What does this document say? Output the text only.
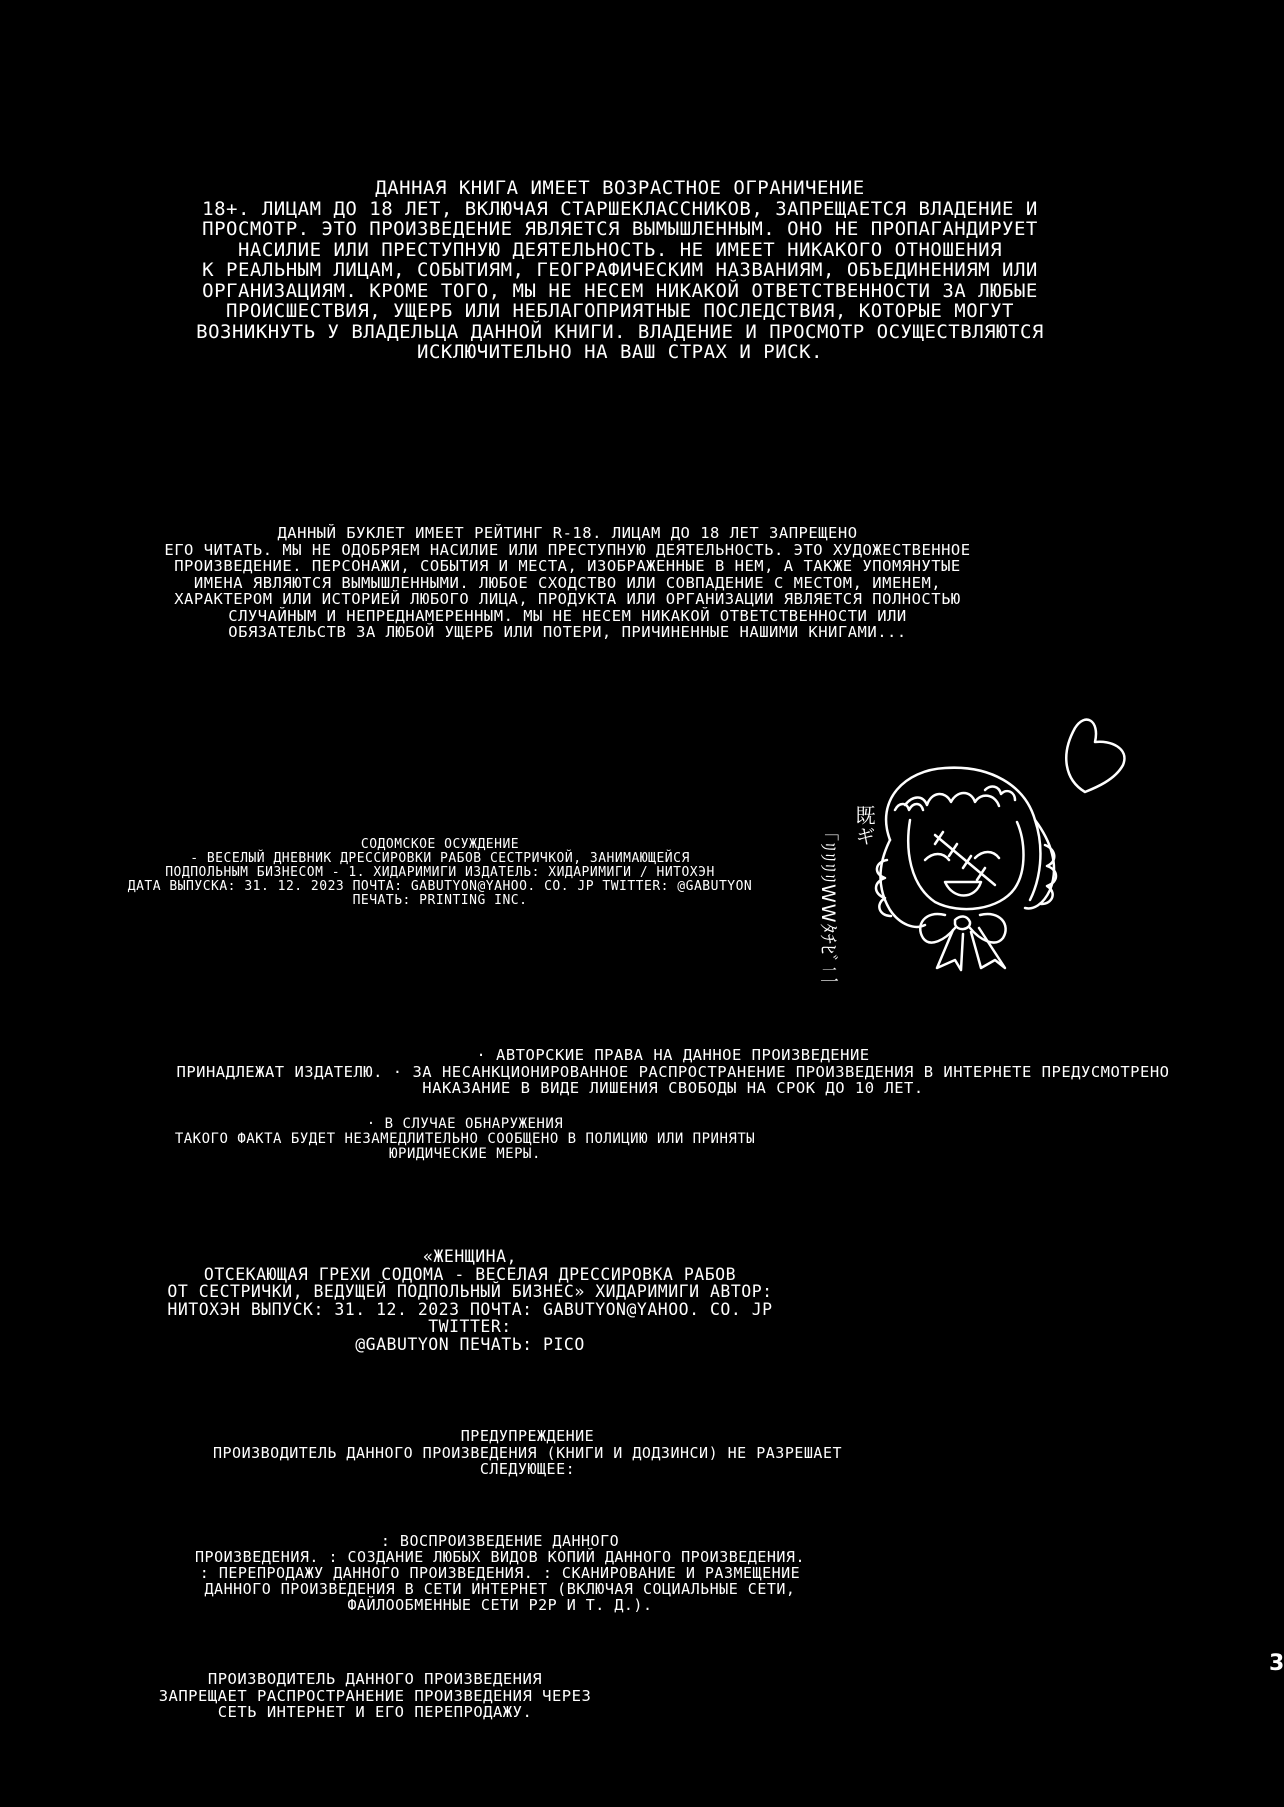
ДАННАЯ КНИГА ИМЕЕТ ВОЗРАСТНОЕ ОГРАНИЧЕНИЕ
18+. ЛИЦАМ ДО 18 ЛЕТ, ВКЛЮЧАЯ СТАРШЕКЛАССНИКОВ, ЗАПРЕЩАЕТСЯ ВЛАДЕНИЕ И
ПРОСМОТР. ЭТО ПРОИЗВЕДЕНИЕ ЯВЛЯЕТСЯ ВЫМЫШЛЕННЫМ. ОНО НЕ ПРОПАГАНДИРУЕТ
НАСИЛИЕ ИЛИ ПРЕСТУПНУЮ ДЕЯТЕЛЬНОСТЬ. НЕ ИМЕЕТ НИКАКОГО ОТНОШЕНИЯ
К РЕАЛЬНЫМ ЛИЦАМ, СОБЫТИЯМ, ГЕОГРАФИЧЕСКИМ НАЗВАНИЯМ, ОБЪЕДИНЕНИЯМ ИЛИ
ОРГАНИЗАЦИЯМ. КРОМЕ ТОГО, МЫ НЕ НЕСЕМ НИКАКОЙ ОТВЕТСТВЕННОСТИ ЗА ЛЮБЫЕ
ПРОИСШЕСТВИЯ, УЩЕРБ ИЛИ НЕБЛАГОПРИЯТНЫЕ ПОСЛЕДСТВИЯ, КОТОРЫЕ МОГУТ
ВОЗНИКНУТЬ У ВЛАДЕЛЬЦА ДАННОЙ КНИГИ. ВЛАДЕНИЕ И ПРОСМОТР ОСУЩЕСТВЛЯЮТСЯ
ИСКЛЮЧИТЕЛЬНО НА ВАШ СТРАХ И РИСК.
ДАННЫЙ БУКЛЕТ ИМЕЕТ РЕЙТИНГ R-18. ЛИЦАМ ДО 18 ЛЕТ ЗАПРЕЩЕНО
ЕГО ЧИТАТЬ. МЫ НЕ ОДОБРЯЕМ НАСИЛИЕ ИЛИ ПРЕСТУПНУЮ ДЕЯТЕЛЬНОСТЬ. ЭТО ХУДОЖЕСТВЕННОЕ
ПРОИЗВЕДЕНИЕ. ПЕРСОНАЖИ, СОБЫТИЯ И МЕСТА, ИЗОБРАЖЕННЫЕ В НЕМ, А ТАКЖЕ УПОМЯНУТЫЕ
ИМЕНА ЯВЛЯЮТСЯ ВЫМЫШЛЕННЫМИ. ЛЮБОЕ СХОДСТВО ИЛИ СОВПАДЕНИЕ С МЕСТОМ, ИМЕНЕМ,
ХАРАКТЕРОМ ИЛИ ИСТОРИЕЙ ЛЮБОГО ЛИЦА, ПРОДУКТА ИЛИ ОРГАНИЗАЦИИ ЯВЛЯЕТСЯ ПОЛНОСТЬЮ
СЛУЧАЙНЫМ И НЕПРЕДНАМЕРЕННЫМ. МЫ НЕ НЕСЕМ НИКАКОЙ ОТВЕТСТВЕННОСТИ ИЛИ
ОБЯЗАТЕЛЬСТВ ЗА ЛЮБОЙ УЩЕРБ ИЛИ ПОТЕРИ, ПРИЧИНЕННЫЕ НАШИМИ КНИГАМИ...
СОДОМСКОЕ ОСУЖДЕНИЕ
- ВЕСЕЛЫЙ ДНЕВНИК ДРЕССИРОВКИ РАБОВ СЕСТРИЧКОЙ, ЗАНИМАЮЩЕЙСЯ
ПОДПОЛЬНЫМ БИЗНЕСОМ - 1. ХИДАРИМИГИ ИЗДАТЕЛЬ: ХИДАРИМИГИ / НИТОХЭН
ДАТА ВЫПУСКА: 31. 12. 2023 ПОЧТА: GABUTYON@YAHOO. CO. JP TWITTER: @GABUTYON
ПЕЧАТЬ: PRINTING INC.
既ギ
「ﾘﾘﾘﾘWWﾀﾁﾋﾞ二
· АВТОРСКИЕ ПРАВА НА ДАННОЕ ПРОИЗВЕДЕНИЕ
ПРИНАДЛЕЖАТ ИЗДАТЕЛЮ. · ЗА НЕСАНКЦИОНИРОВАННОЕ РАСПРОСТРАНЕНИЕ ПРОИЗВЕДЕНИЯ В ИНТЕРНЕТЕ ПРЕДУСМОТРЕНО
НАКАЗАНИЕ В ВИДЕ ЛИШЕНИЯ СВОБОДЫ НА СРОК ДО 10 ЛЕТ.
· В СЛУЧАЕ ОБНАРУЖЕНИЯ
ТАКОГО ФАКТА БУДЕТ НЕЗАМЕДЛИТЕЛЬНО СООБЩЕНО В ПОЛИЦИЮ ИЛИ ПРИНЯТЫ
ЮРИДИЧЕСКИЕ МЕРЫ.
«ЖЕНЩИНА,
ОТСЕКАЮЩАЯ ГРЕХИ СОДОМА - ВЕСЕЛАЯ ДРЕССИРОВКА РАБОВ
ОТ СЕСТРИЧКИ, ВЕДУЩЕЙ ПОДПОЛЬНЫЙ БИЗНЕС» ХИДАРИМИГИ АВТОР:
НИТОХЭН ВЫПУСК: 31. 12. 2023 ПОЧТА: GABUTYON@YAHOO. CO. JP TWITTER:
@GABUTYON ПЕЧАТЬ: PICO
ПРЕДУПРЕЖДЕНИЕ
ПРОИЗВОДИТЕЛЬ ДАННОГО ПРОИЗВЕДЕНИЯ (КНИГИ И ДОДЗИНСИ) НЕ РАЗРЕШАЕТ
СЛЕДУЮЩЕЕ:
: ВОСПРОИЗВЕДЕНИЕ ДАННОГО
ПРОИЗВЕДЕНИЯ. : СОЗДАНИЕ ЛЮБЫХ ВИДОВ КОПИЙ ДАННОГО ПРОИЗВЕДЕНИЯ.
: ПЕРЕПРОДАЖУ ДАННОГО ПРОИЗВЕДЕНИЯ. : СКАНИРОВАНИЕ И РАЗМЕЩЕНИЕ
ДАННОГО ПРОИЗВЕДЕНИЯ В СЕТИ ИНТЕРНЕТ (ВКЛЮЧАЯ СОЦИАЛЬНЫЕ СЕТИ,
ФАЙЛООБМЕННЫЕ СЕТИ P2P И Т. Д.).
ПРОИЗВОДИТЕЛЬ ДАННОГО ПРОИЗВЕДЕНИЯ
ЗАПРЕЩАЕТ РАСПРОСТРАНЕНИЕ ПРОИЗВЕДЕНИЯ ЧЕРЕЗ
СЕТЬ ИНТЕРНЕТ И ЕГО ПЕРЕПРОДАЖУ.
3
